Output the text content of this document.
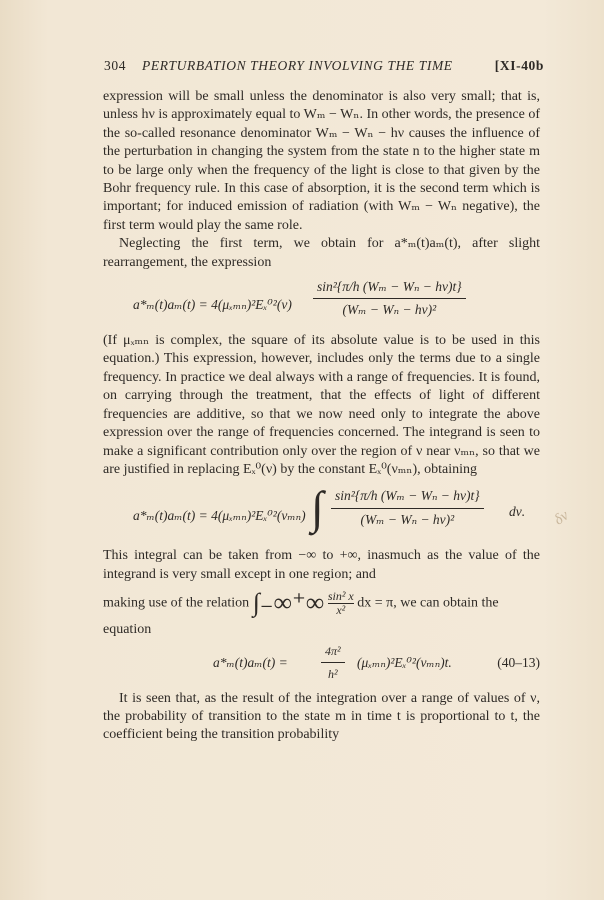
304 PERTURBATION THEORY INVOLVING THE TIME	[XI-40b

expression will be small unless the denominator is also very small; that is, unless hν is approximately equal to Wₘ − Wₙ. In other words, the presence of the so-called resonance denominator Wₘ − Wₙ − hν causes the influence of the perturbation in changing the system from the state n to the higher state m to be large only when the frequency of the light is close to that given by the Bohr frequency rule. In this case of absorption, it is the second term which is important; for induced emission of radiation (with Wₘ − Wₙ negative), the first term would play the same role.

Neglecting the first term, we obtain for a*ₘ(t)aₘ(t), after slight rearrangement, the expression

$a*_m(t)a_m(t) = 4(\mu_{xmn})^2E_x^{02}(\nu) \frac{\text{sin²\{π/h (Wₘ − Wₙ − hν)t\}}}{\text{(Wₘ − Wₙ − hν)²}}$

(If μₓₘₙ is complex, the square of its absolute value is to be used in this equation.) This expression, however, includes only the terms due to a single frequency. In practice we deal always with a range of frequencies. It is found, on carrying through the treatment, that the effects of light of different frequencies are additive, so that we now need only to integrate the above expression over the range of frequencies concerned. The integrand is seen to make a significant contribution only over the region of ν near νₘₙ, so that we are justified in replacing Eₓ⁰(ν) by the constant Eₓ⁰(νₘₙ), obtaining

a*ₘ(t)aₘ(t) = 4(μₓₘₙ)²Eₓ⁰²(νₘₙ) ∫ $\frac{\text{sin²\{π/h (Wₘ − Wₙ − hν)t\}}}{\text{(Wₘ − Wₙ − hν)²}} d\nu$.

This integral can be taken from −∞ to +∞, inasmuch as the value of the integrand is very small except in one region; and

making use of the relation ∫₋∞⁺∞ $\frac{\text{sin² x}}{\text{x²}}$ dx = π, we can obtain the

equation

a*ₘ(t)aₘ(t) =	$\frac{\text{4π²}}{\text{h²}} (\mu_{xmn})^2E_x^{02}(\nu_{mn})t$.	(40–13)

It is seen that, as the result of the integration over a range of values of ν, the probability of transition to the state m in time t is proportional to t, the coefficient being the transition probability

δν
